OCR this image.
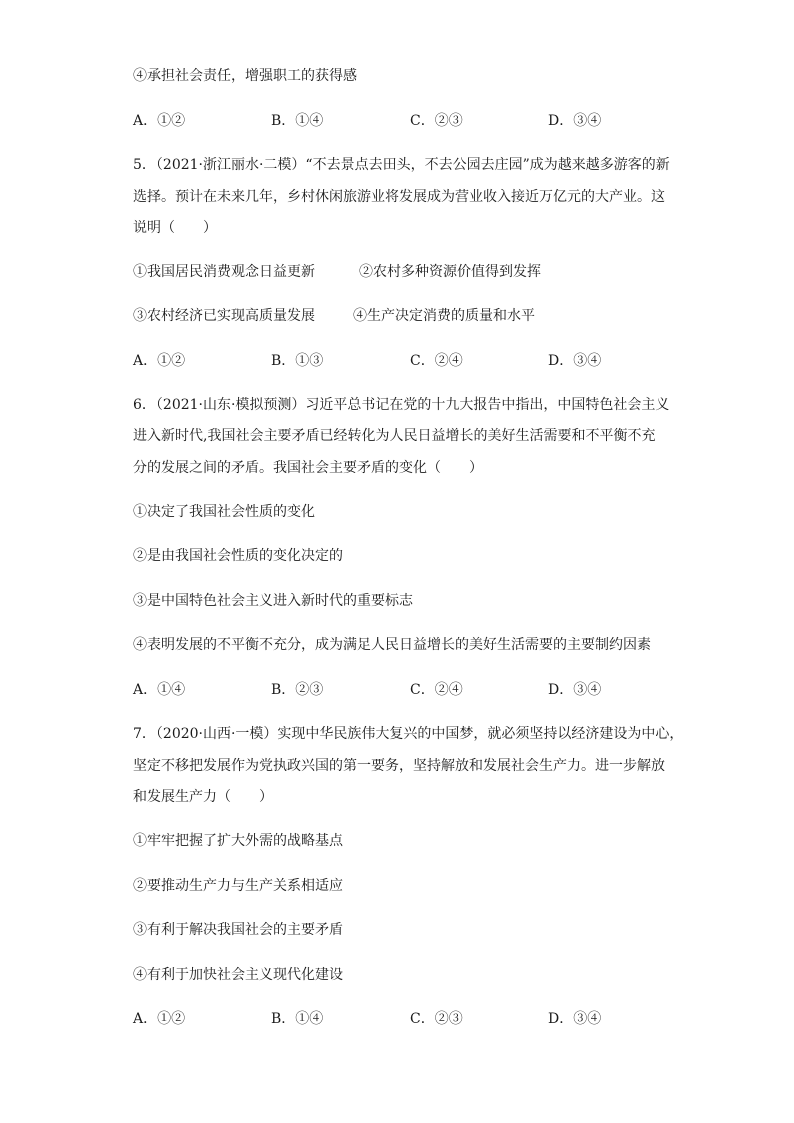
④承担社会责任，增强职工的获得感
A．①②	B．①④	C．②③	D．③④
5．（2021·浙江丽水·二模）“不去景点去田头，不去公园去庄园”成为越来越多游客的新
选择。预计在未来几年，乡村休闲旅游业将发展成为营业收入接近万亿元的大产业。这
说明（　　）
①我国居民消费观念日益更新	②农村多种资源价值得到发挥
③农村经济已实现高质量发展	④生产决定消费的质量和水平
A．①②	B．①③	C．②④	D．③④
6．（2021·山东·模拟预测）习近平总书记在党的十九大报告中指出，中国特色社会主义
进入新时代,我国社会主要矛盾已经转化为人民日益增长的美好生活需要和不平衡不充
分的发展之间的矛盾。我国社会主要矛盾的变化（　　）
①决定了我国社会性质的变化
②是由我国社会性质的变化决定的
③是中国特色社会主义进入新时代的重要标志
④表明发展的不平衡不充分，成为满足人民日益增长的美好生活需要的主要制约因素
A．①④	B．②③	C．②④	D．③④
7．（2020·山西·一模）实现中华民族伟大复兴的中国梦，就必须坚持以经济建设为中心，
坚定不移把发展作为党执政兴国的第一要务，坚持解放和发展社会生产力。进一步解放
和发展生产力（　　）
①牢牢把握了扩大外需的战略基点
②要推动生产力与生产关系相适应
③有利于解决我国社会的主要矛盾
④有利于加快社会主义现代化建设
A．①②	B．①④	C．②③	D．③④
